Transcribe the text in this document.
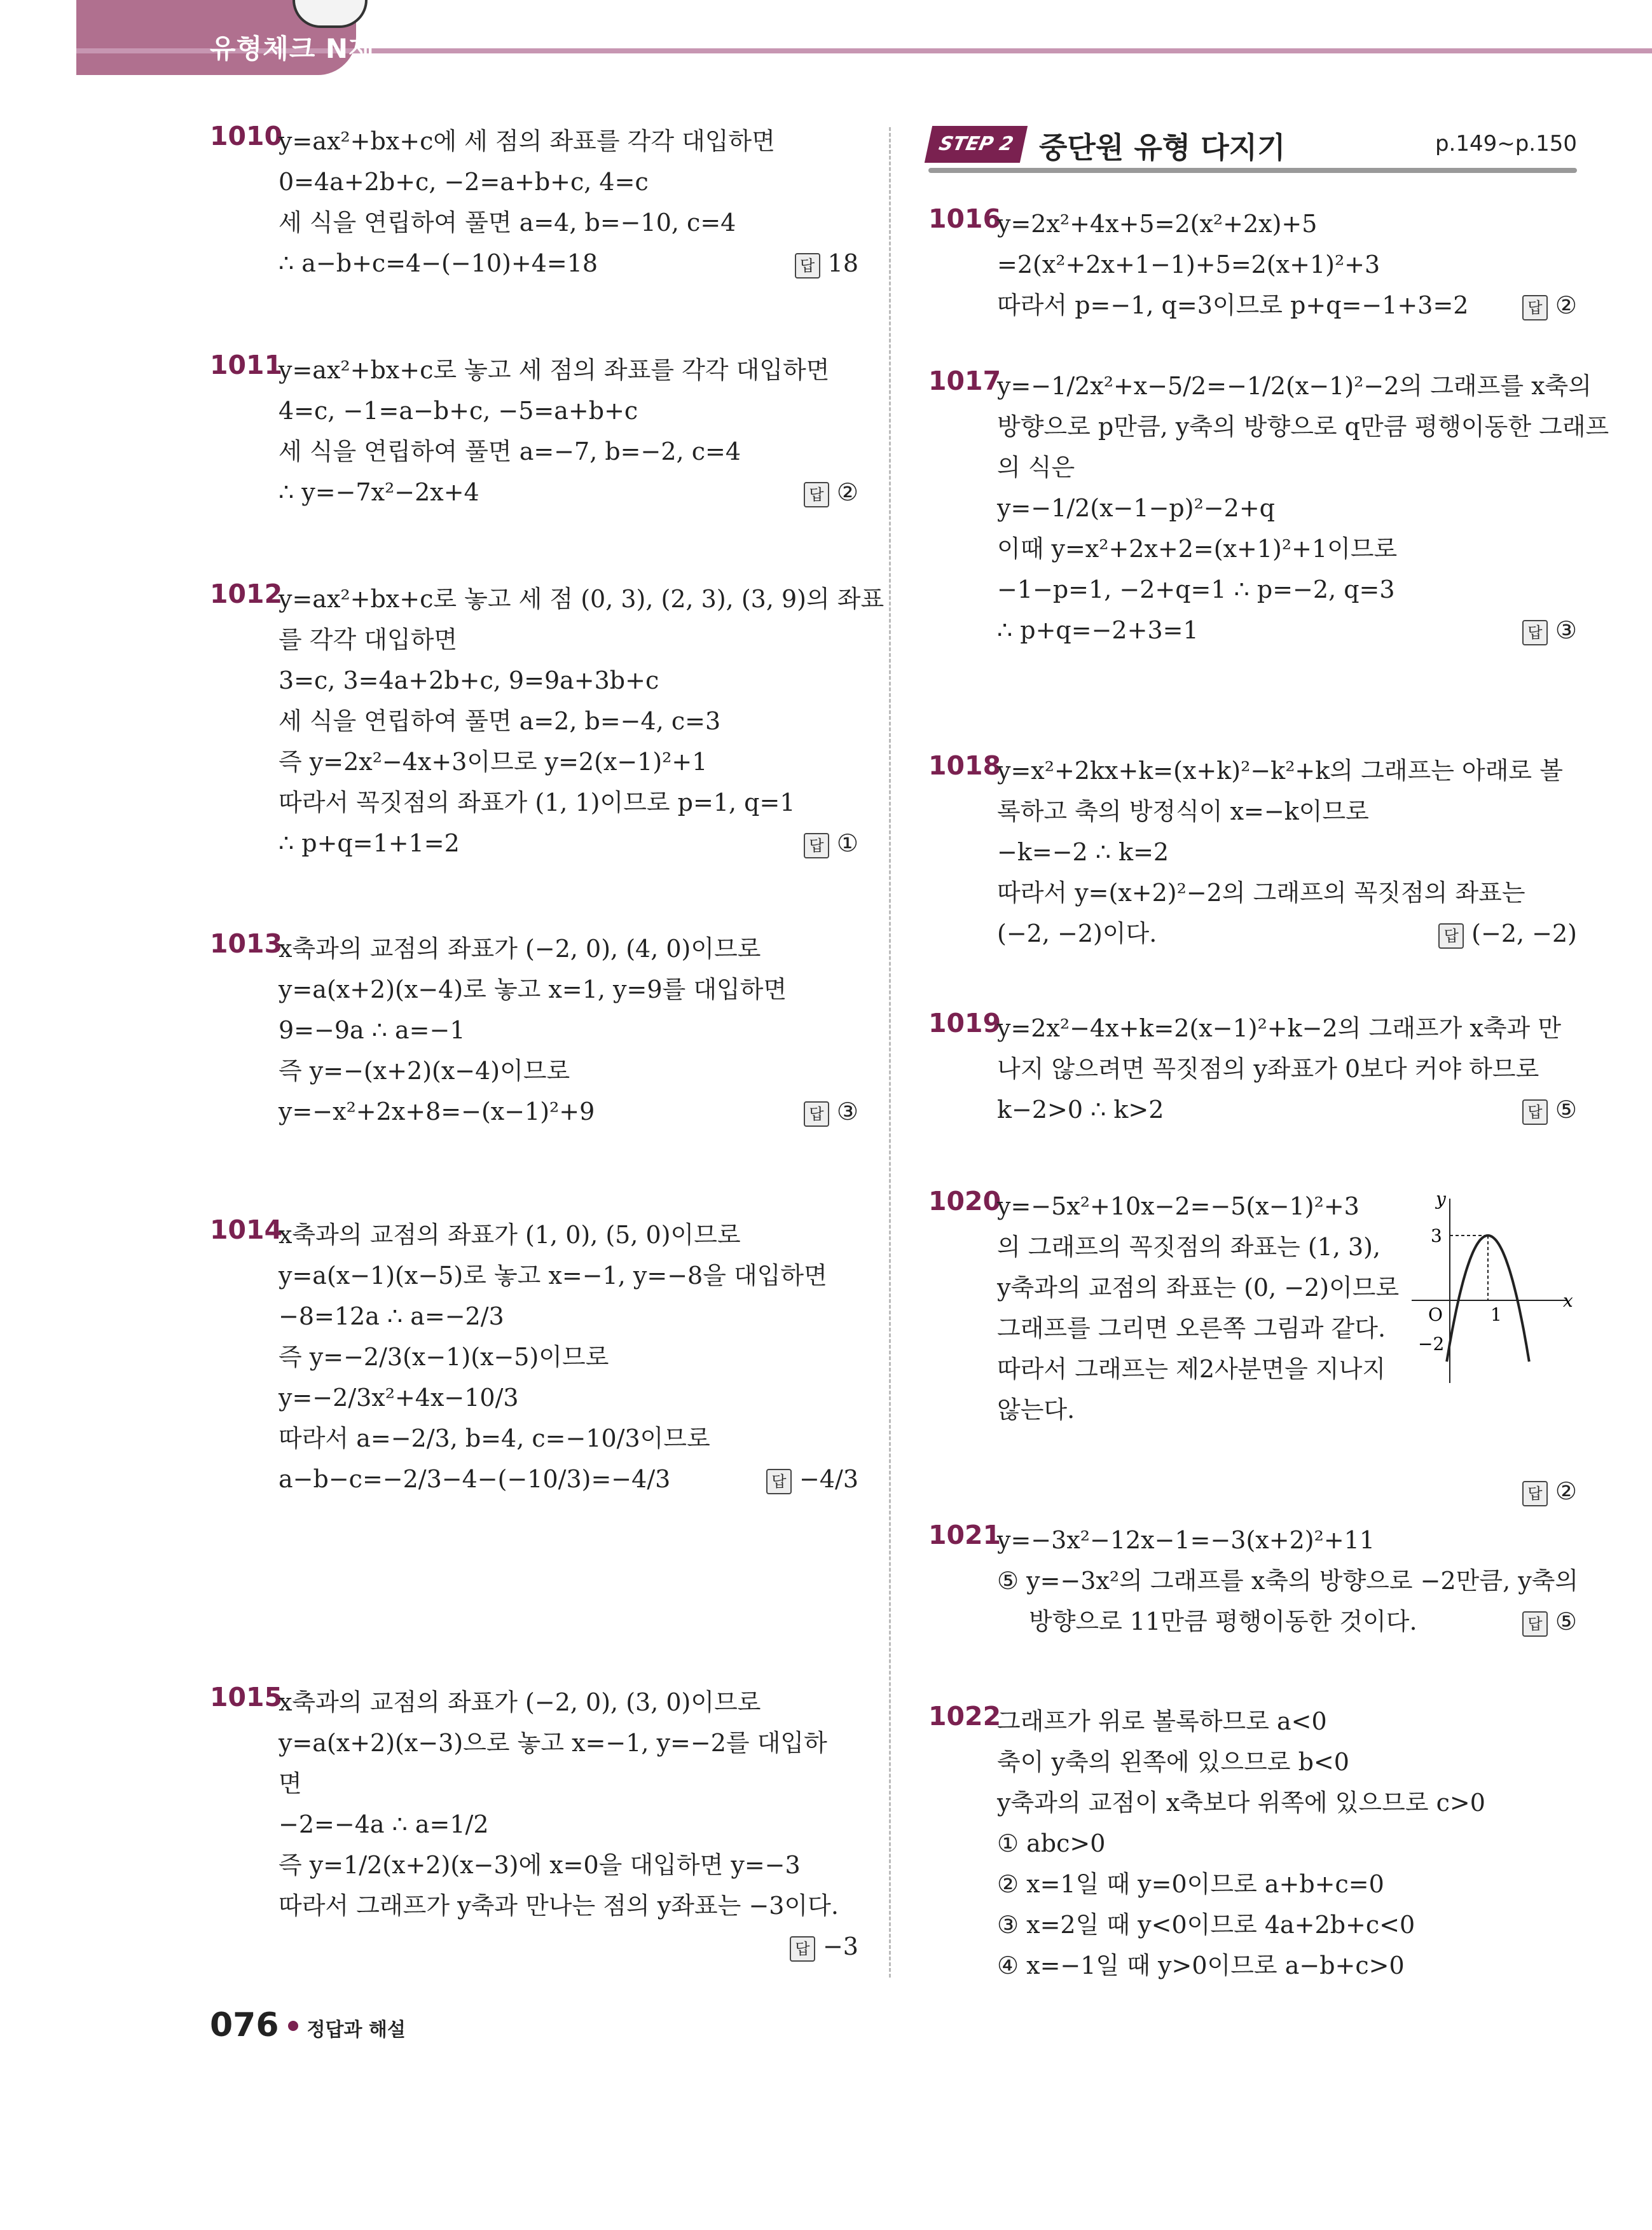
유형체크 N제
1010
y=ax²+bx+c에 세 점의 좌표를 각각 대입하면
0=4a+2b+c, −2=a+b+c, 4=c
세 식을 연립하여 풀면 a=4, b=−10, c=4
∴ a−b+c=4−(−10)+4=18	답 18
1011
y=ax²+bx+c로 놓고 세 점의 좌표를 각각 대입하면
4=c, −1=a−b+c, −5=a+b+c
세 식을 연립하여 풀면 a=−7, b=−2, c=4
∴ y=−7x²−2x+4	답 ②
1012
y=ax²+bx+c로 놓고 세 점 (0, 3), (2, 3), (3, 9)의 좌표
를 각각 대입하면
3=c, 3=4a+2b+c, 9=9a+3b+c
세 식을 연립하여 풀면 a=2, b=−4, c=3
즉 y=2x²−4x+3이므로 y=2(x−1)²+1
따라서 꼭짓점의 좌표가 (1, 1)이므로 p=1, q=1
∴ p+q=1+1=2	답 ①
1013
x축과의 교점의 좌표가 (−2, 0), (4, 0)이므로
y=a(x+2)(x−4)로 놓고 x=1, y=9를 대입하면
9=−9a ∴ a=−1
즉 y=−(x+2)(x−4)이므로
y=−x²+2x+8=−(x−1)²+9	답 ③
1014
x축과의 교점의 좌표가 (1, 0), (5, 0)이므로
y=a(x−1)(x−5)로 놓고 x=−1, y=−8을 대입하면
−8=12a ∴ a=−2/3
즉 y=−2/3(x−1)(x−5)이므로
y=−2/3x²+4x−10/3
따라서 a=−2/3, b=4, c=−10/3이므로
a−b−c=−2/3−4−(−10/3)=−4/3	답 −4/3
1015
x축과의 교점의 좌표가 (−2, 0), (3, 0)이므로
y=a(x+2)(x−3)으로 놓고 x=−1, y=−2를 대입하
면
−2=−4a ∴ a=1/2
즉 y=1/2(x+2)(x−3)에 x=0을 대입하면 y=−3
따라서 그래프가 y축과 만나는 점의 y좌표는 −3이다.
답 −3
STEP 2 중단원 유형 다지기	p.149~p.150
1016
y=2x²+4x+5=2(x²+2x)+5
=2(x²+2x+1−1)+5=2(x+1)²+3
따라서 p=−1, q=3이므로 p+q=−1+3=2	답 ②
1017
y=−1/2x²+x−5/2=−1/2(x−1)²−2의 그래프를 x축의
방향으로 p만큼, y축의 방향으로 q만큼 평행이동한 그래프
의 식은
y=−1/2(x−1−p)²−2+q
이때 y=x²+2x+2=(x+1)²+1이므로
−1−p=1, −2+q=1 ∴ p=−2, q=3
∴ p+q=−2+3=1	답 ③
1018
y=x²+2kx+k=(x+k)²−k²+k의 그래프는 아래로 볼
록하고 축의 방정식이 x=−k이므로
−k=−2 ∴ k=2
따라서 y=(x+2)²−2의 그래프의 꼭짓점의 좌표는
(−2, −2)이다.	답 (−2, −2)
1019
y=2x²−4x+k=2(x−1)²+k−2의 그래프가 x축과 만
나지 않으려면 꼭짓점의 y좌표가 0보다 커야 하므로
k−2>0 ∴ k>2	답 ⑤
1020
y=−5x²+10x−2=−5(x−1)²+3
의 그래프의 꼭짓점의 좌표는 (1, 3),
y축과의 교점의 좌표는 (0, −2)이므로
그래프를 그리면 오른쪽 그림과 같다.
따라서 그래프는 제2사분면을 지나지
않는다.
답 ②
y
x
O	1
3
−2
1021
y=−3x²−12x−1=−3(x+2)²+11
⑤ y=−3x²의 그래프를 x축의 방향으로 −2만큼, y축의
방향으로 11만큼 평행이동한 것이다.	답 ⑤
1022
그래프가 위로 볼록하므로 a<0
축이 y축의 왼쪽에 있으므로 b<0
y축과의 교점이 x축보다 위쪽에 있으므로 c>0
① abc>0
② x=1일 때 y=0이므로 a+b+c=0
③ x=2일 때 y<0이므로 4a+2b+c<0
④ x=−1일 때 y>0이므로 a−b+c>0
076 정답과 해설
